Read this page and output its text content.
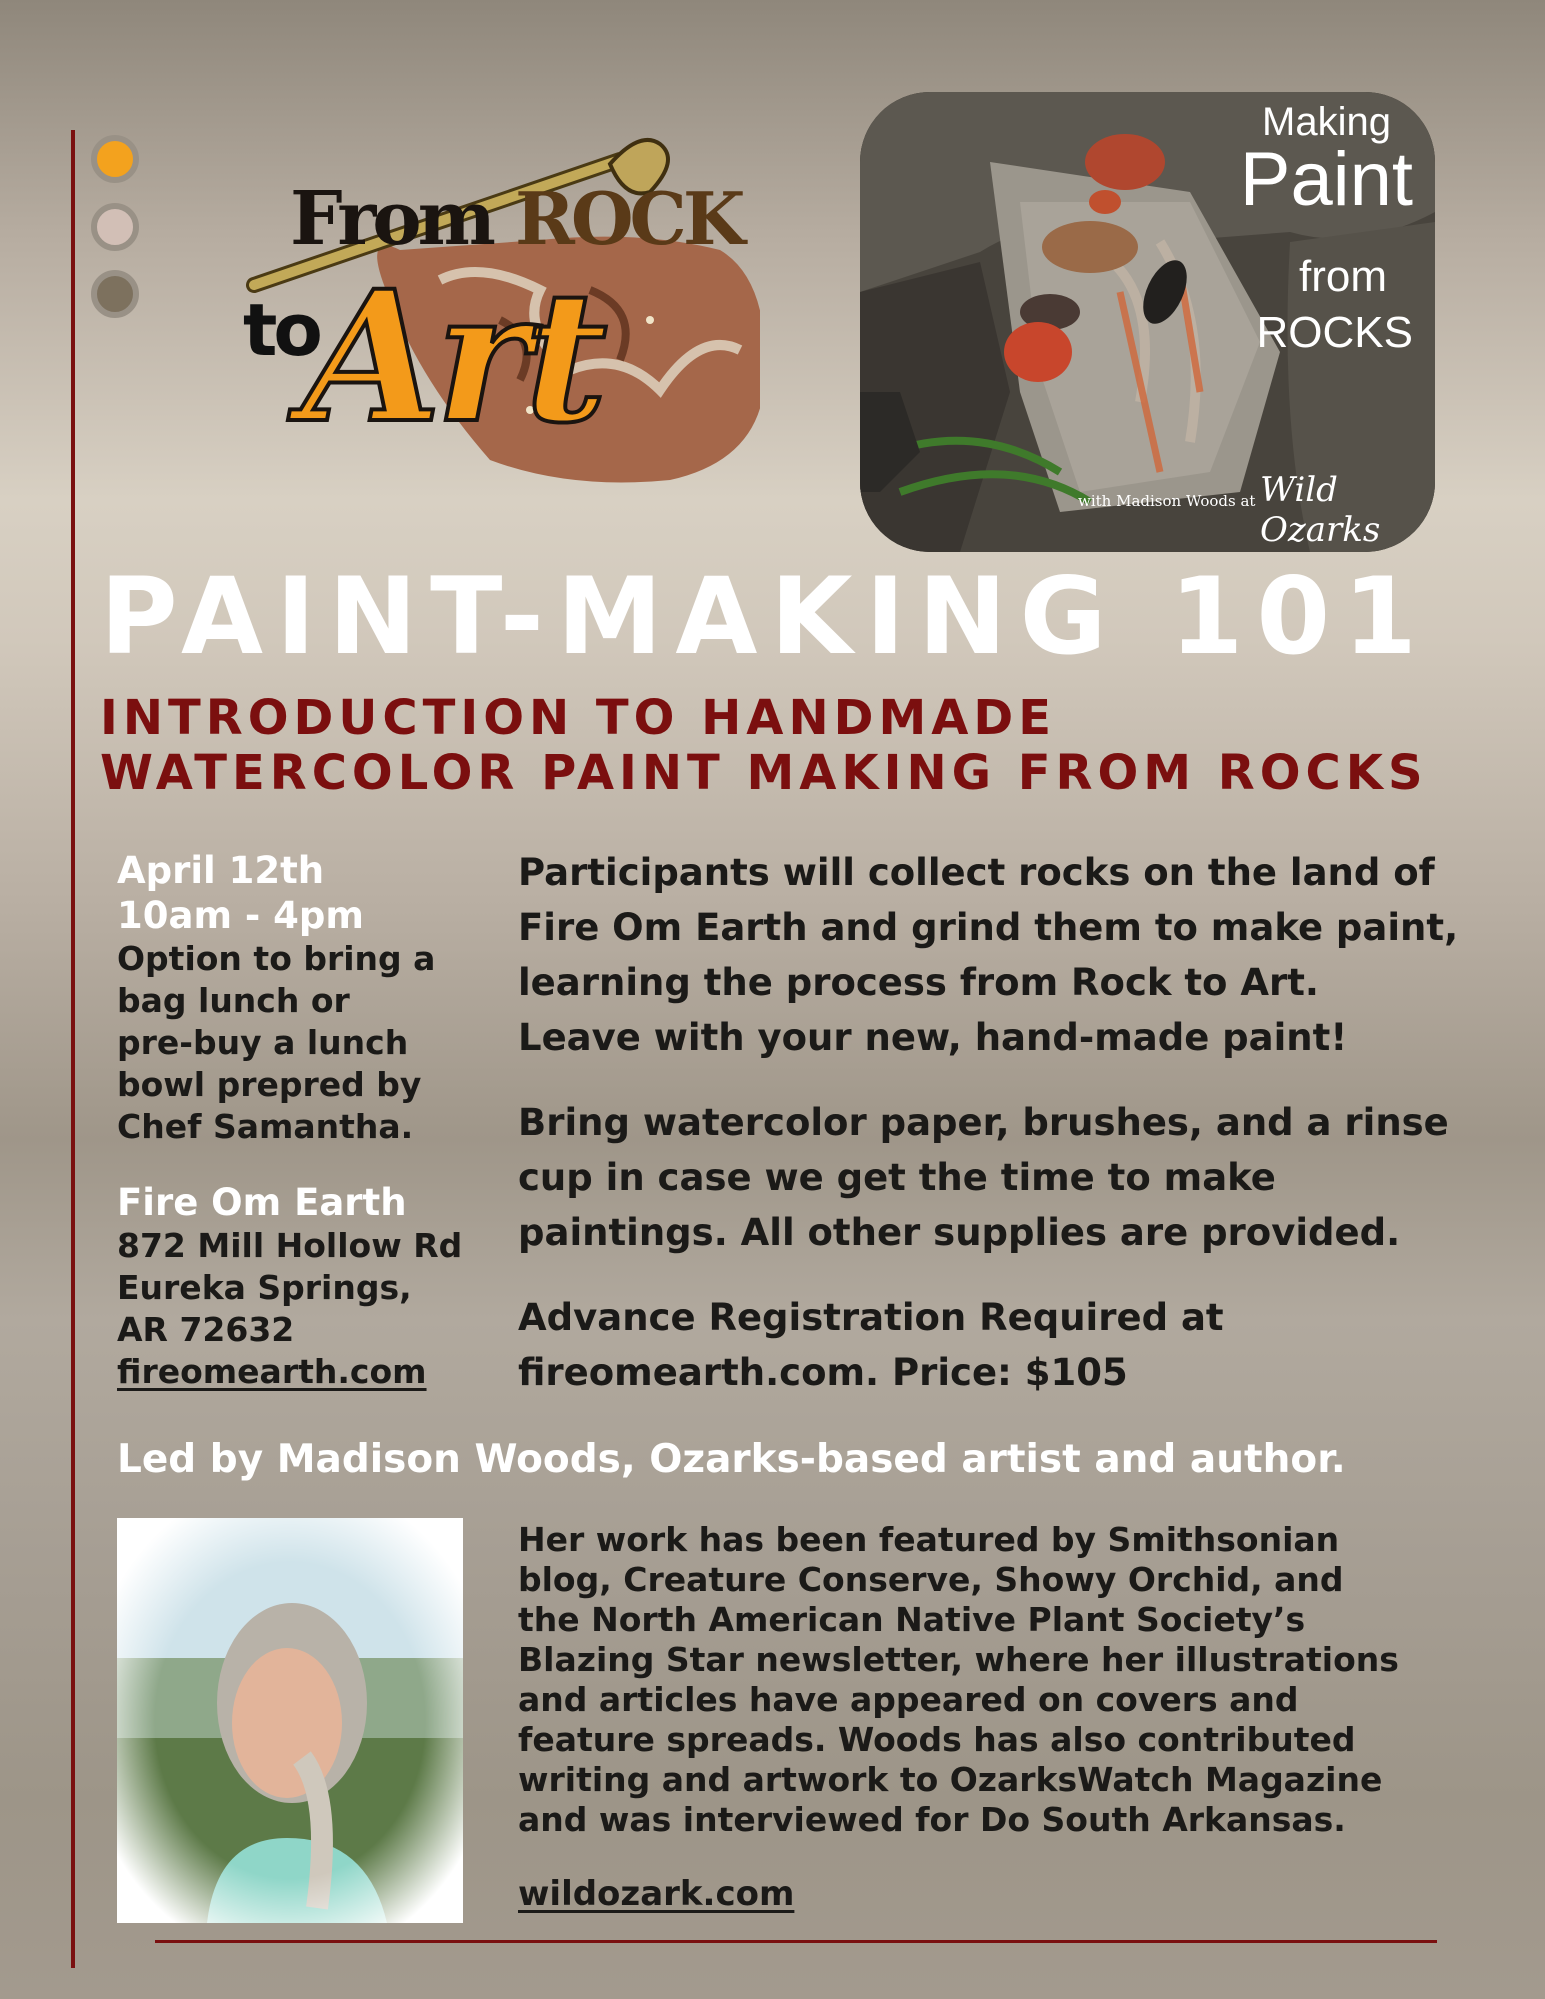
From ROCK
to
Art
Making
Paint
from
ROCKS
with Madison Woods at Wild Ozarks
PAINT-MAKING 101
INTRODUCTION TO HANDMADE
WATERCOLOR PAINT MAKING FROM ROCKS
April 12th
10am - 4pm
Option to bring a
bag lunch or
pre-buy a lunch
bowl prepred by
Chef Samantha.
Fire Om Earth
872 Mill Hollow Rd
Eureka Springs,
AR 72632
fireomearth.com
Participants will collect rocks on the land of
Fire Om Earth and grind them to make paint,
learning the process from Rock to Art.
Leave with your new, hand-made paint!
Bring watercolor paper, brushes, and a rinse
cup in case we get the time to make
paintings. All other supplies are provided.
Advance Registration Required at
fireomearth.com. Price: $105
Led by Madison Woods, Ozarks-based artist and author.
Her work has been featured by Smithsonian
blog, Creature Conserve, Showy Orchid, and
the North American Native Plant Society’s
Blazing Star newsletter, where her illustrations
and articles have appeared on covers and
feature spreads. Woods has also contributed
writing and artwork to OzarksWatch Magazine
and was interviewed for Do South Arkansas.
wildozark.com
